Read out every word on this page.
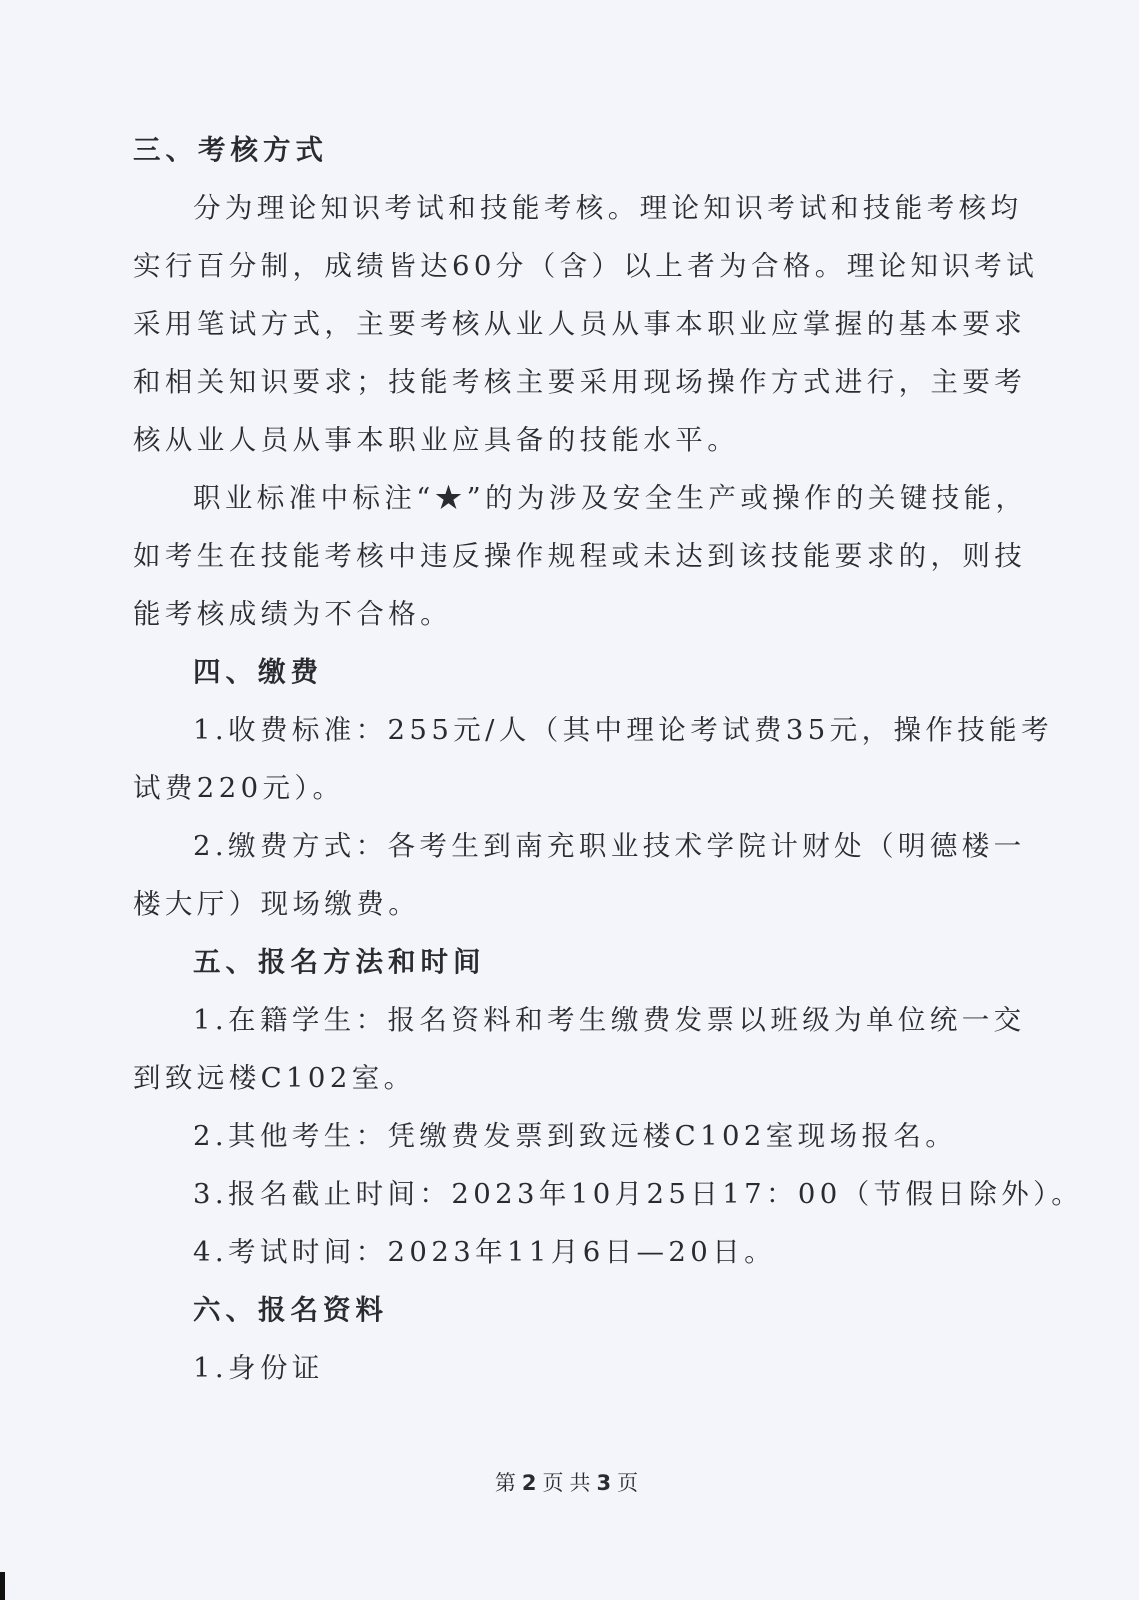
三、考核方式
分为理论知识考试和技能考核。理论知识考试和技能考核均
实行百分制，成绩皆达60分（含）以上者为合格。理论知识考试
采用笔试方式，主要考核从业人员从事本职业应掌握的基本要求
和相关知识要求；技能考核主要采用现场操作方式进行，主要考
核从业人员从事本职业应具备的技能水平。
职业标准中标注“★”的为涉及安全生产或操作的关键技能，
如考生在技能考核中违反操作规程或未达到该技能要求的，则技
能考核成绩为不合格。
四、缴费
1.收费标准：255元/人（其中理论考试费35元，操作技能考
试费220元）。
2.缴费方式：各考生到南充职业技术学院计财处（明德楼一
楼大厅）现场缴费。
五、报名方法和时间
1.在籍学生：报名资料和考生缴费发票以班级为单位统一交
到致远楼C102室。
2.其他考生：凭缴费发票到致远楼C102室现场报名。
3.报名截止时间：2023年10月25日17：00（节假日除外）。
4.考试时间：2023年11月6日—20日。
六、报名资料
1.身份证
第2页共3页
